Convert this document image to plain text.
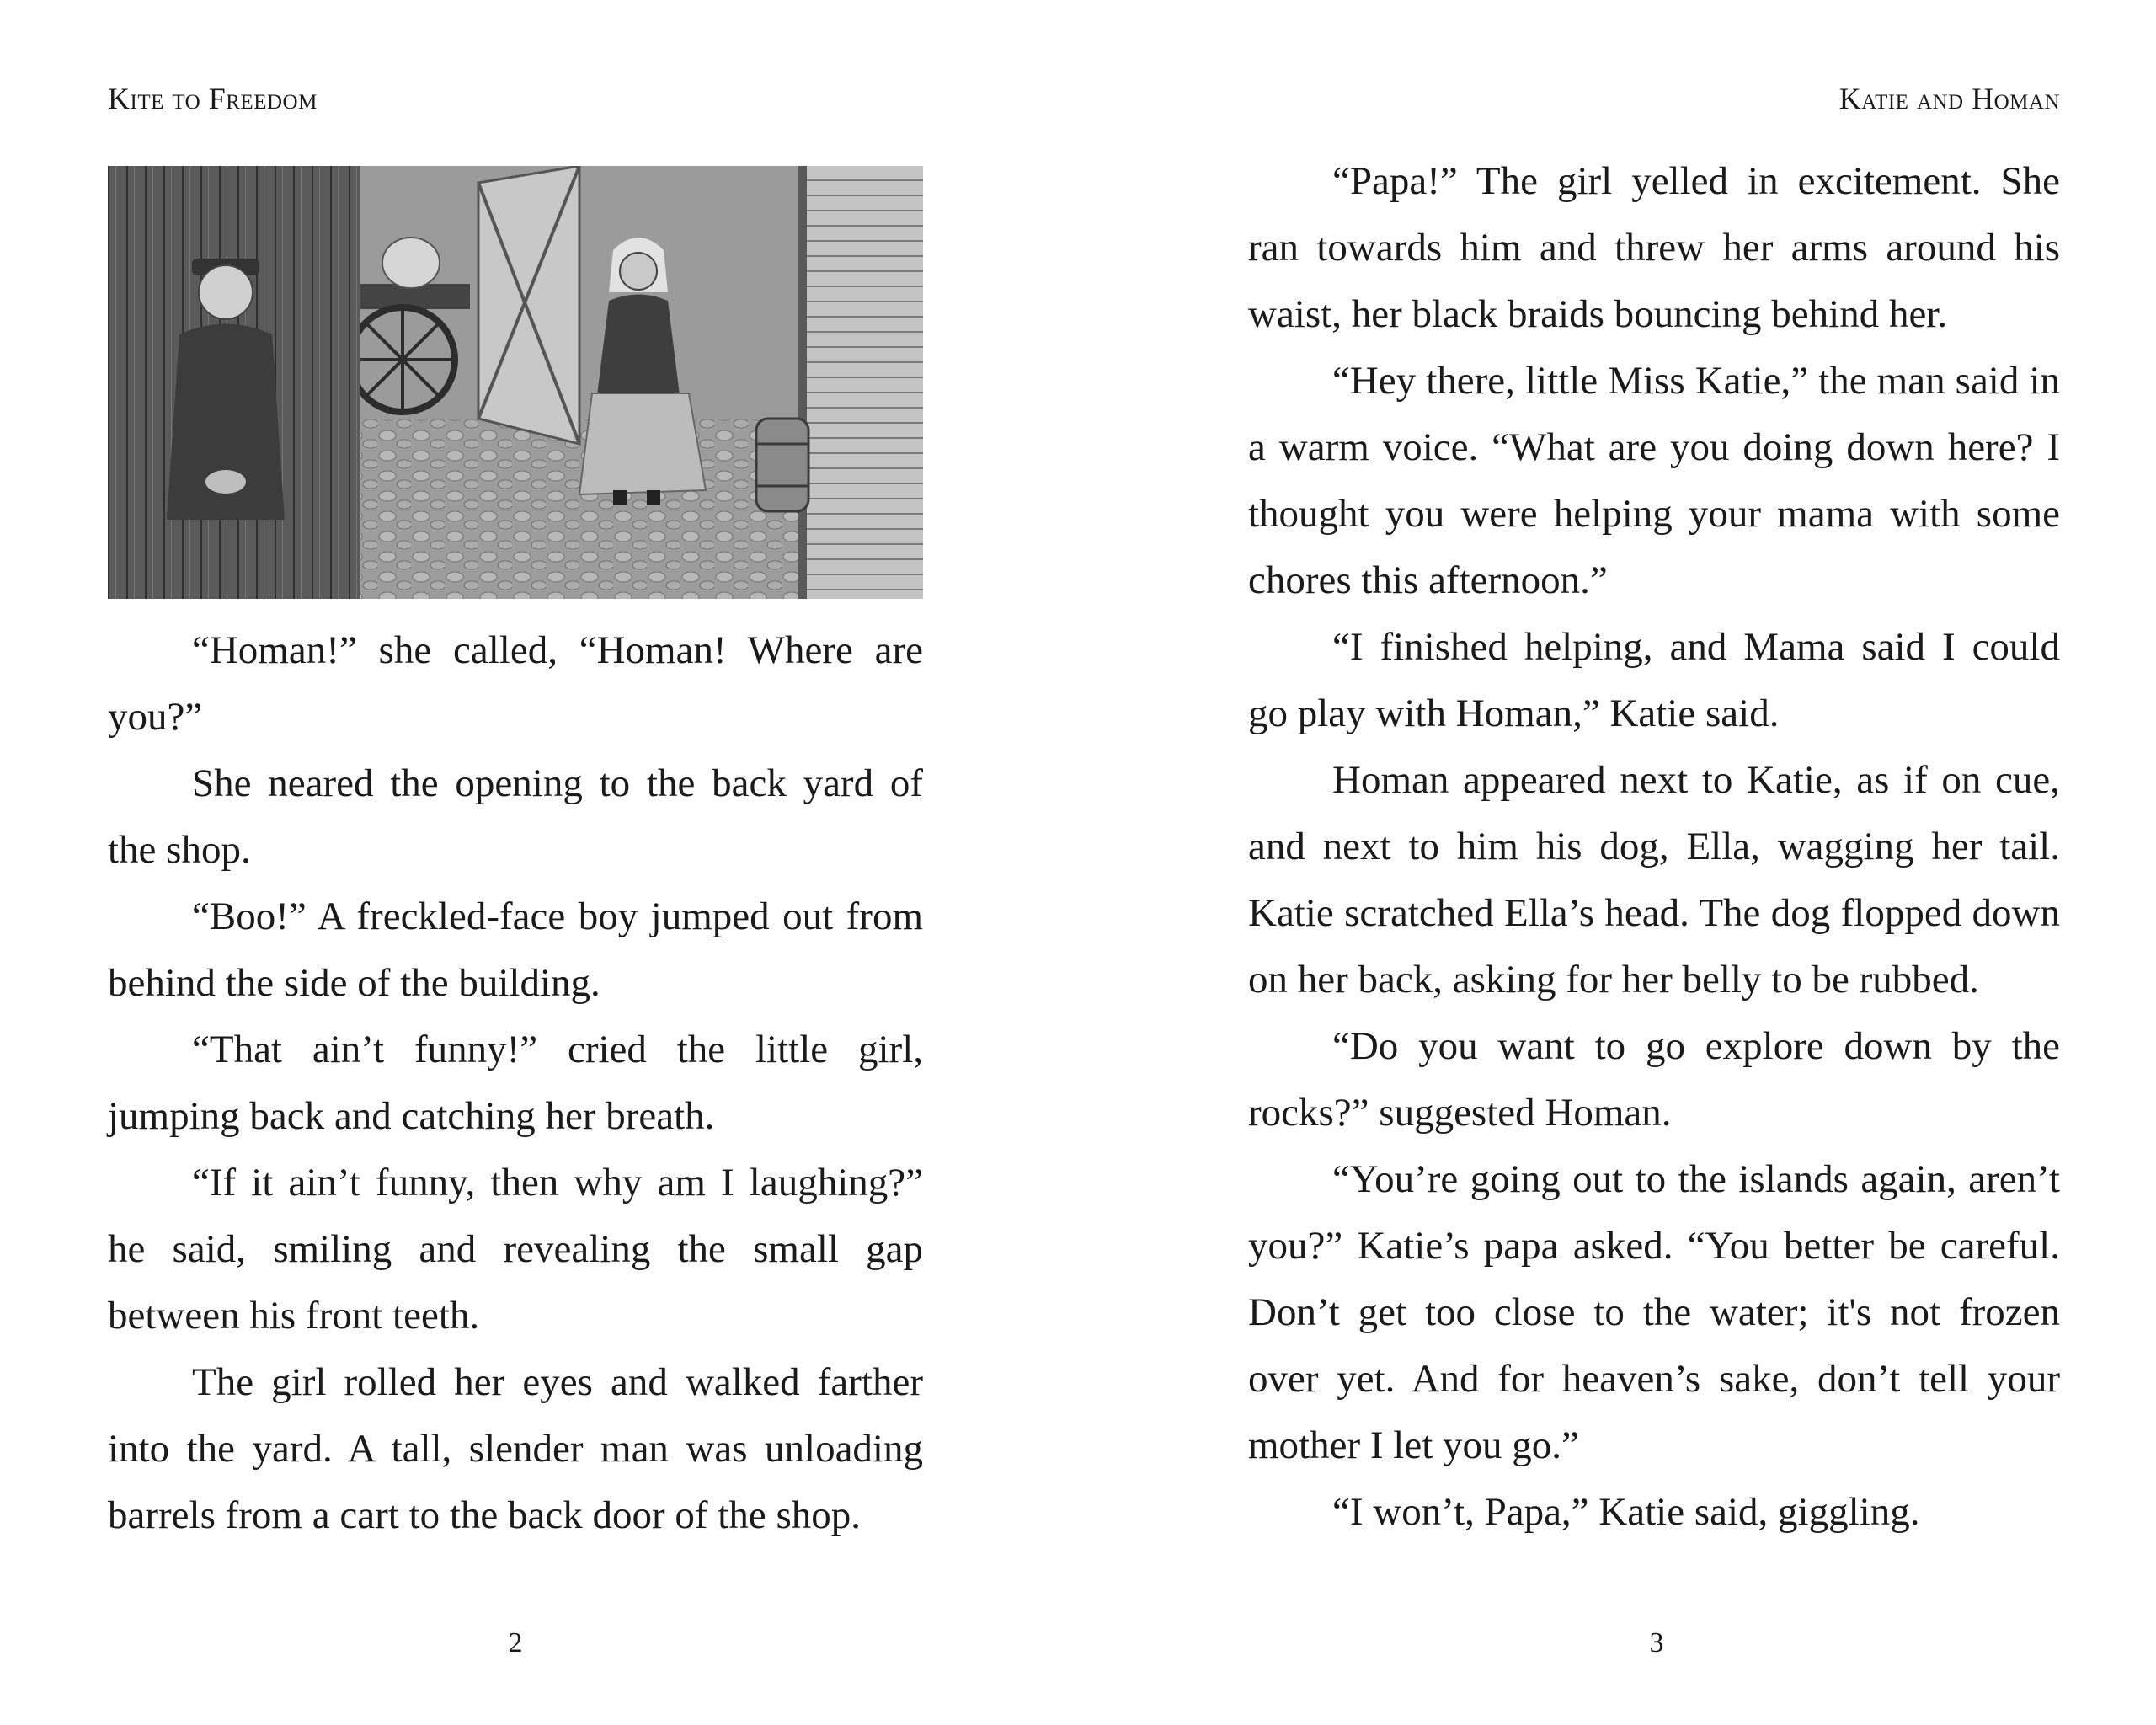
Kite to Freedom

“Homan!” she called, “Homan! Where are you?”

She neared the opening to the back yard of the shop.

“Boo!” A freckled-face boy jumped out from behind the side of the building.

“That ain’t funny!” cried the little girl, jumping back and catching her breath.

“If it ain’t funny, then why am I laughing?” he said, smiling and revealing the small gap between his front teeth.

The girl rolled her eyes and walked farther into the yard. A tall, slender man was unloading barrels from a cart to the back door of the shop.

2
Katie and Homan

“Papa!” The girl yelled in excitement. She ran towards him and threw her arms around his waist, her black braids bouncing behind her.

“Hey there, little Miss Katie,” the man said in a warm voice. “What are you doing down here? I thought you were helping your mama with some chores this afternoon.”

“I finished helping, and Mama said I could go play with Homan,” Katie said.

Homan appeared next to Katie, as if on cue, and next to him his dog, Ella, wagging her tail. Katie scratched Ella’s head. The dog flopped down on her back, asking for her belly to be rubbed.

“Do you want to go explore down by the rocks?” suggested Homan.

“You’re going out to the islands again, aren’t you?” Katie’s papa asked. “You better be careful. Don’t get too close to the water; it's not frozen over yet. And for heaven’s sake, don’t tell your mother I let you go.”

“I won’t, Papa,” Katie said, giggling.

3
